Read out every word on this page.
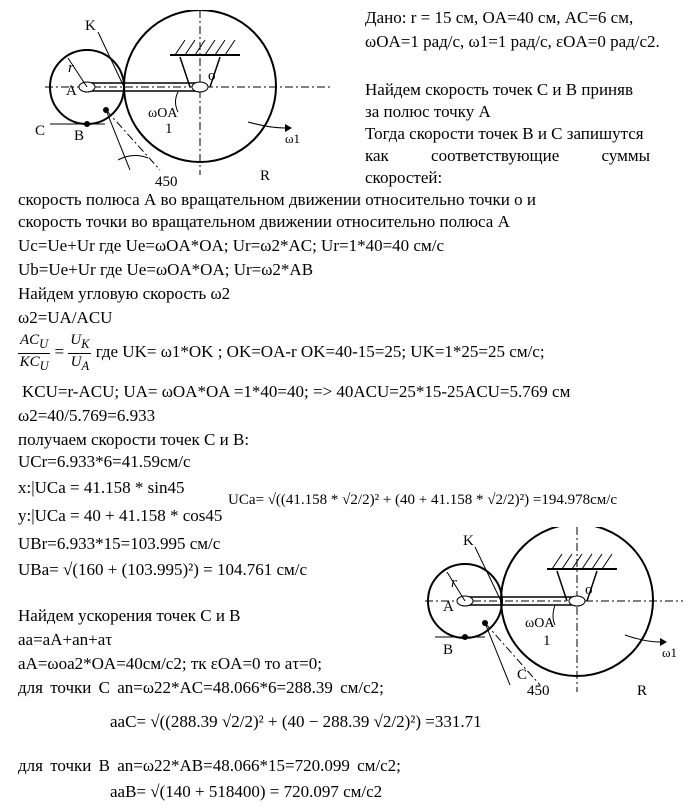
K
r
A
C B
o
ωOA
1
ω1
450	R
Дано: r = 15 см, OA=40 см, AC=6 см,
ωOA=1 рад/с, ω1=1 рад/с, εOA=0 рад/с2.
Найдем скорость точек С и В приняв
за полюс точку А
Тогда скорости точек В и С запишутся
как соответствующие суммы
скоростей:
скорость полюса А во вращательном движении относительно точки о и
скорость точки во вращательном движении относительно полюса А
Uc=Ue+Ur где Ue=ωOA*OA; Ur=ω2*AC; Ur=1*40=40 см/с
Ub=Ue+Ur где Ue=ωOA*OA; Ur=ω2*AB
Найдем угловую скорость ω2
ω2=UA/ACU
$\frac{AC_U}{KC_U} = \frac{U_K}{U_A}$ где UK= ω1*OK ; OK=OA-r OK=40-15=25; UK=1*25=25 см/с;
KCU=r-ACU; UA= ωOA*OA =1*40=40; => 40ACU=25*15-25ACU=5.769 см
ω2=40/5.769=6.933
получаем скорости точек С и В:
UCr=6.933*6=41.59см/с
x:|UCa = 41.158 * sin45
y:|UCa = 40 + 41.158 * cos45
UCa= √((41.158 * √2/2)² + (40 + 41.158 * √2/2)²) =194.978см/с
UBr=6.933*15=103.995 см/с
UBa= √(160 + (103.995)²) = 104.761 см/с
Найдем ускорения точек С и В
aa=aA+an+aτ
aA=ωoa2*OA=40см/с2; тк εOA=0 то aτ=0;
для точки С an=ω22*AC=48.066*6=288.39 см/с2;
aaC= √((288.39 √2/2)² + (40 − 288.39 √2/2)²) =331.71
для точки В an=ω22*AB=48.066*15=720.099 см/с2;
aaB= √(140 + 518400) = 720.097 см/с2
K
r
A
B
C
o
ωOA
1
ω1
450	R
